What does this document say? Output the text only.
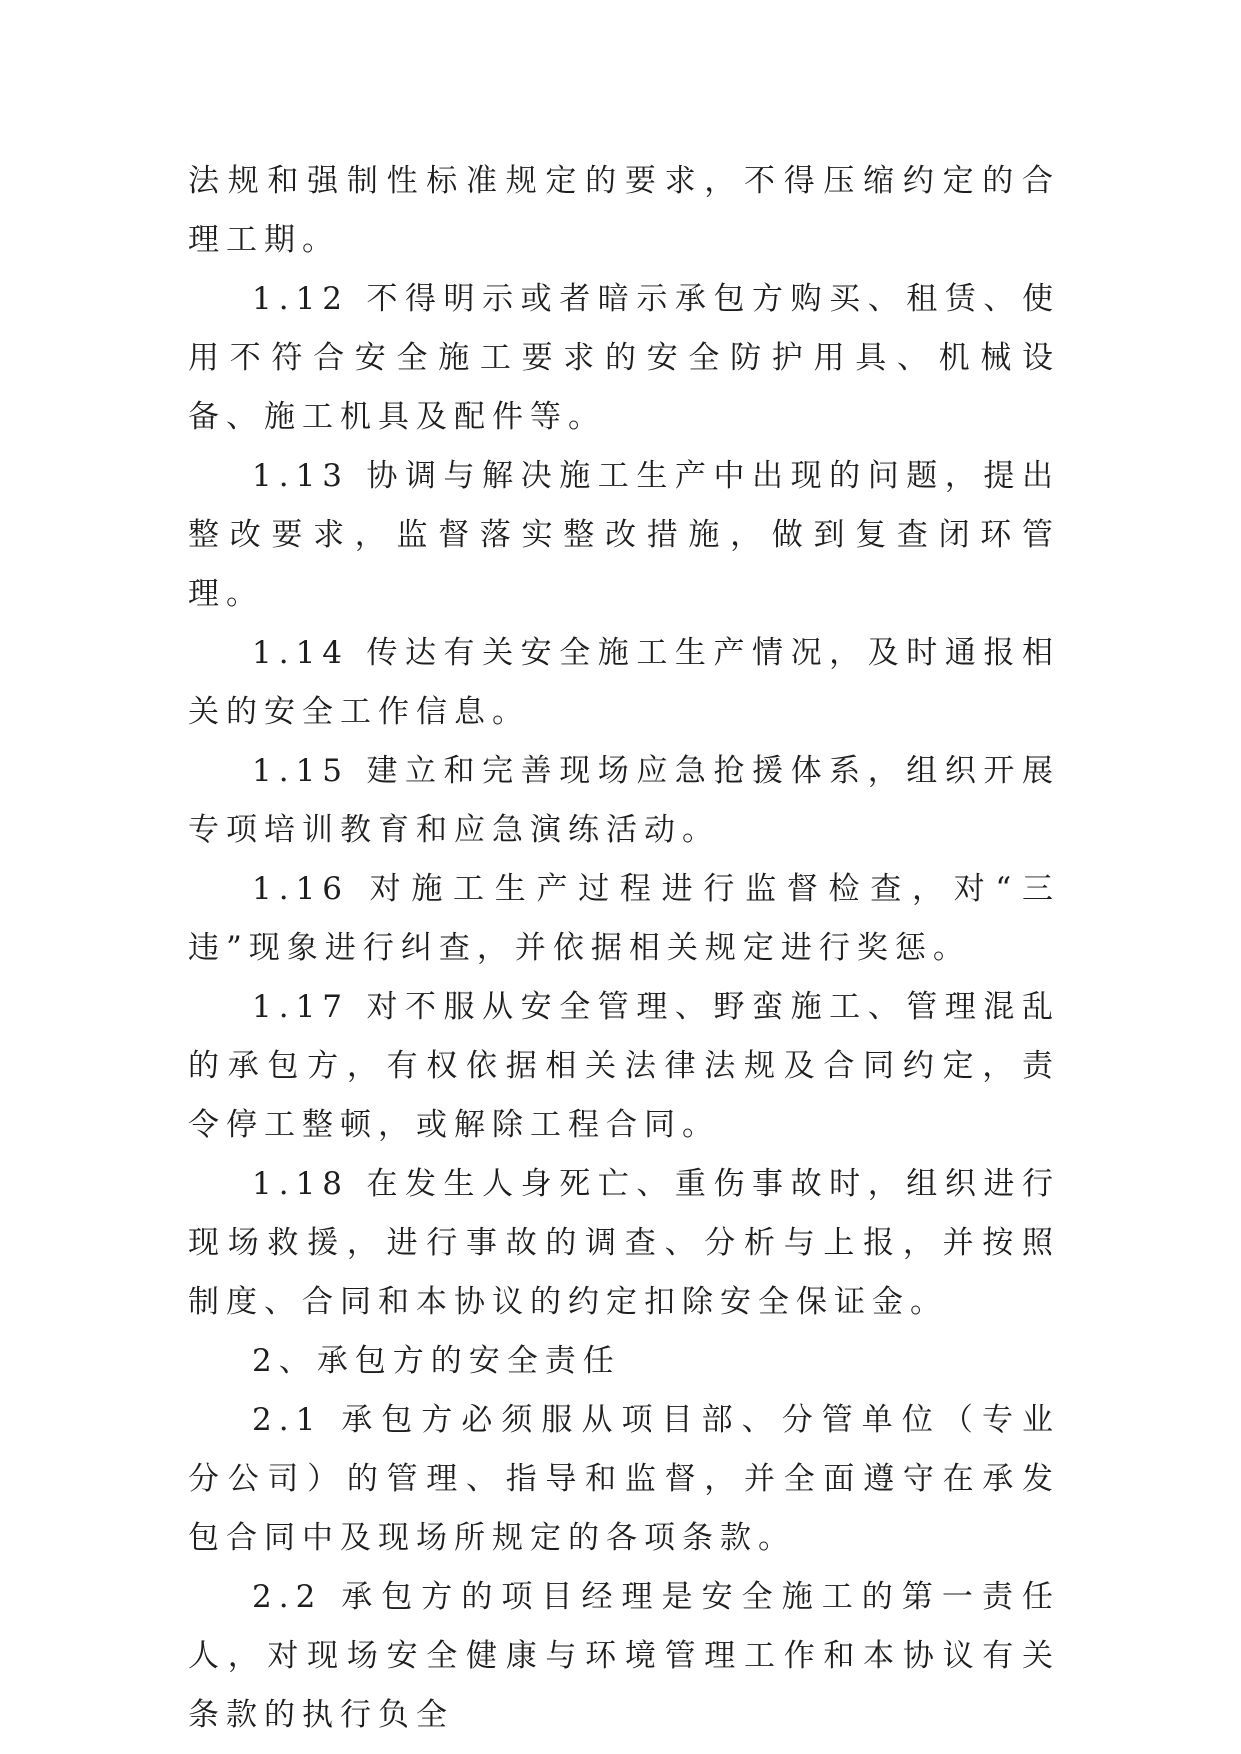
法规和强制性标准规定的要求，不得压缩约定的合理工期。

1.12 不得明示或者暗示承包方购买、租赁、使用不符合安全施工要求的安全防护用具、机械设备、施工机具及配件等。

1.13 协调与解决施工生产中出现的问题，提出整改要求，监督落实整改措施，做到复查闭环管理。

1.14 传达有关安全施工生产情况，及时通报相关的安全工作信息。

1.15 建立和完善现场应急抢援体系，组织开展专项培训教育和应急演练活动。

1.16 对施工生产过程进行监督检查，对“三违”现象进行纠查，并依据相关规定进行奖惩。

1.17 对不服从安全管理、野蛮施工、管理混乱的承包方，有权依据相关法律法规及合同约定，责令停工整顿，或解除工程合同。

1.18 在发生人身死亡、重伤事故时，组织进行现场救援，进行事故的调查、分析与上报，并按照制度、合同和本协议的约定扣除安全保证金。

2、承包方的安全责任

2.1 承包方必须服从项目部、分管单位（专业分公司）的管理、指导和监督，并全面遵守在承发包合同中及现场所规定的各项条款。

2.2 承包方的项目经理是安全施工的第一责任人，对现场安全健康与环境管理工作和本协议有关条款的执行负全
